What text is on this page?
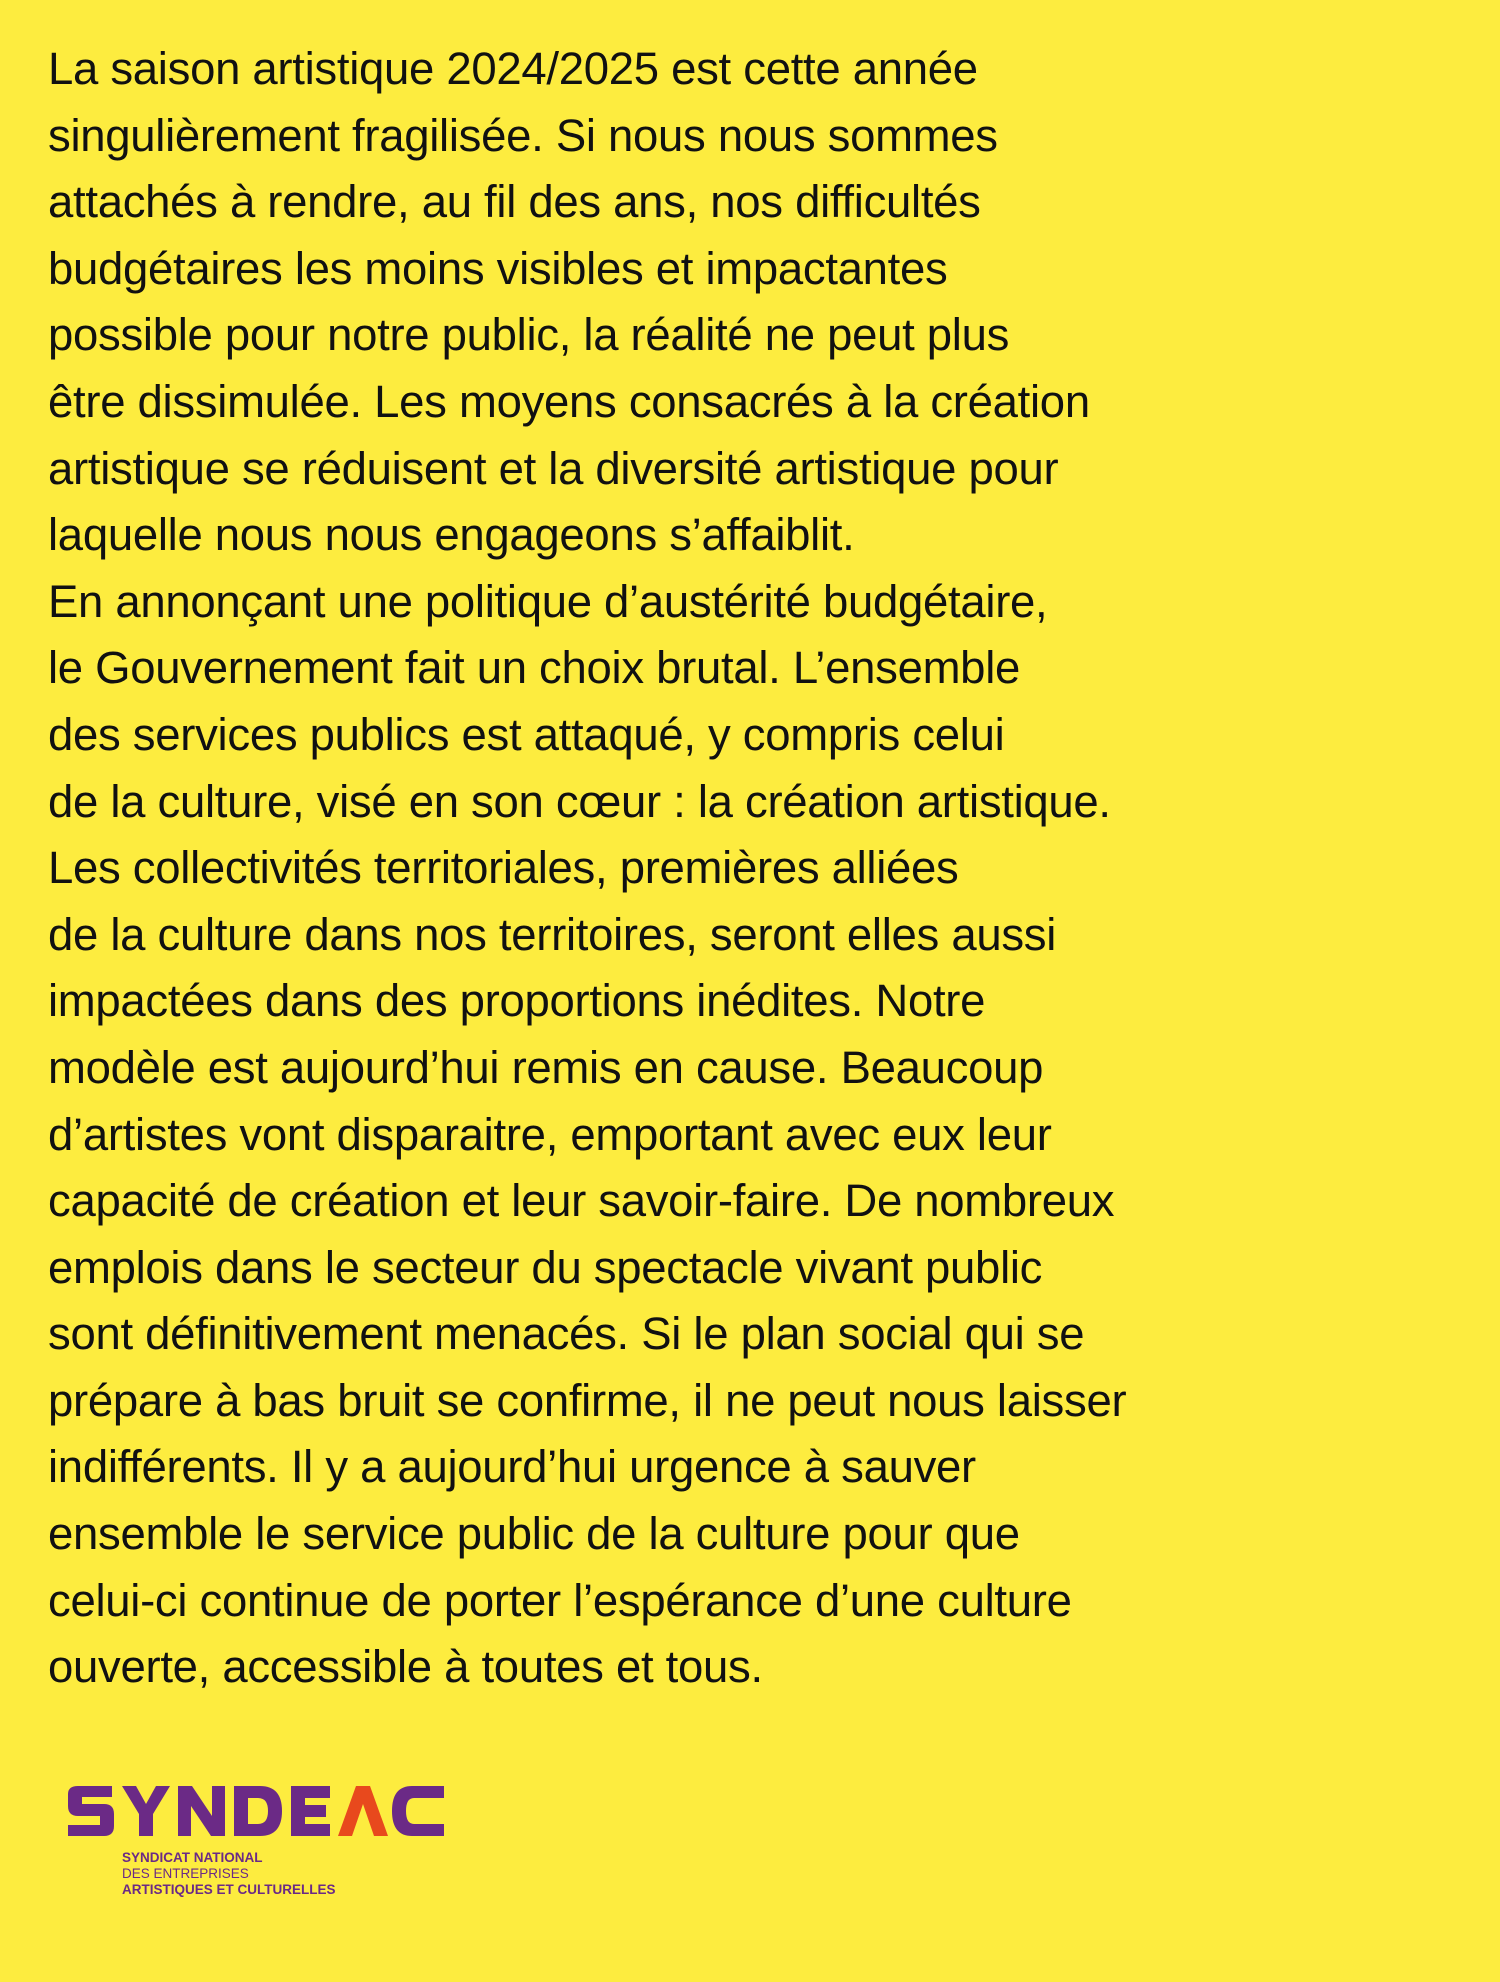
La saison artistique 2024/2025 est cette année
singulièrement fragilisée. Si nous nous sommes
attachés à rendre, au fil des ans, nos difficultés
budgétaires les moins visibles et impactantes
possible pour notre public, la réalité ne peut plus
être dissimulée. Les moyens consacrés à la création
artistique se réduisent et la diversité artistique pour
laquelle nous nous engageons s’affaiblit.
En annonçant une politique d’austérité budgétaire,
le Gouvernement fait un choix brutal. L’ensemble
des services publics est attaqué, y compris celui
de la culture, visé en son cœur : la création artistique.
Les collectivités territoriales, premières alliées
de la culture dans nos territoires, seront elles aussi
impactées dans des proportions inédites. Notre
modèle est aujourd’hui remis en cause. Beaucoup
d’artistes vont disparaitre, emportant avec eux leur
capacité de création et leur savoir-faire. De nombreux
emplois dans le secteur du spectacle vivant public
sont définitivement menacés. Si le plan social qui se
prépare à bas bruit se confirme, il ne peut nous laisser
indifférents. Il y a aujourd’hui urgence à sauver
ensemble le service public de la culture pour que
celui-ci continue de porter l’espérance d’une culture
ouverte, accessible à toutes et tous.

SYNDICAT NATIONAL
DES ENTREPRISES
ARTISTIQUES ET CULTURELLES
